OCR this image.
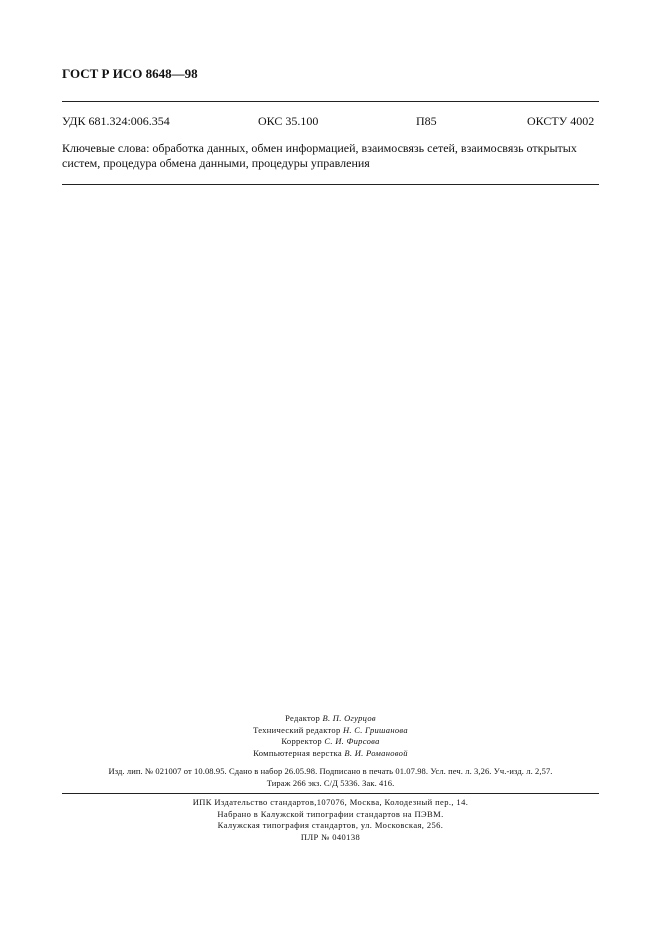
ГОСТ Р ИСО 8648—98
УДК 681.324:006.354	ОКС 35.100	П85	ОКСТУ 4002
Ключевые слова: обработка данных, обмен информацией, взаимосвязь сетей, взаимосвязь открытых систем, процедура обмена данными, процедуры управления
Редактор В. П. Огурцов
Технический редактор Н. С. Гришанова
Корректор С. И. Фирсова
Компьютерная верстка В. И. Романовой
Изд. лип. № 021007 от 10.08.95. Сдано в набор 26.05.98. Подписано в печать 01.07.98. Усл. печ. л. 3,26. Уч.-изд. л. 2,57.
Тираж 266 экз. С/Д 5336. Зак. 416.
ИПК Издательство стандартов,107076, Москва, Колодезный пер., 14.
Набрано в Калужской типографии стандартов на ПЭВМ.
Калужская типография стандартов, ул. Московская, 256.
ПЛР № 040138
